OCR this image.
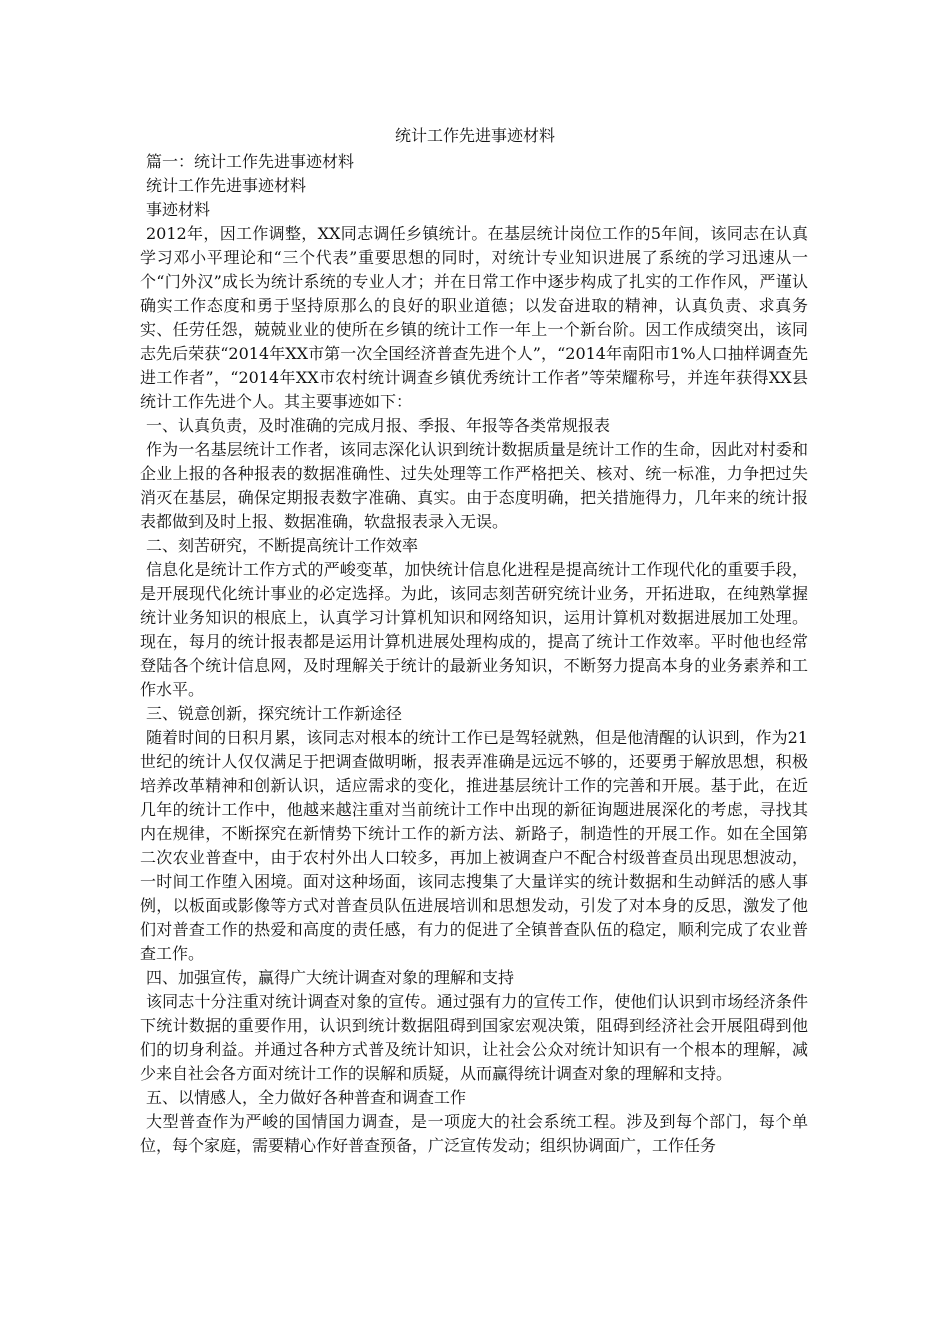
统计工作先进事迹材料
篇一：统计工作先进事迹材料
统计工作先进事迹材料
事迹材料

2012年，因工作调整，XX同志调任乡镇统计。在基层统计岗位工作的5年间，该同志在认真学习邓小平理论和“三个代表”重要思想的同时，对统计专业知识进展了系统的学习迅速从一个“门外汉”成长为统计系统的专业人才；并在日常工作中逐步构成了扎实的工作作风，严谨认确实工作态度和勇于坚持原那么的良好的职业道德；以发奋进取的精神，认真负责、求真务实、任劳任怨，兢兢业业的使所在乡镇的统计工作一年上一个新台阶。因工作成绩突出，该同志先后荣获“2014年XX市第一次全国经济普查先进个人”，“2014年南阳市1%人口抽样调查先进工作者”，“2014年XX市农村统计调查乡镇优秀统计工作者”等荣耀称号，并连年获得XX县统计工作先进个人。其主要事迹如下：

一、认真负责，及时准确的完成月报、季报、年报等各类常规报表

作为一名基层统计工作者，该同志深化认识到统计数据质量是统计工作的生命，因此对村委和企业上报的各种报表的数据准确性、过失处理等工作严格把关、核对、统一标准，力争把过失消灭在基层，确保定期报表数字准确、真实。由于态度明确，把关措施得力，几年来的统计报表都做到及时上报、数据准确，软盘报表录入无误。

二、刻苦研究，不断提高统计工作效率

信息化是统计工作方式的严峻变革，加快统计信息化进程是提高统计工作现代化的重要手段，是开展现代化统计事业的必定选择。为此，该同志刻苦研究统计业务，开拓进取，在纯熟掌握统计业务知识的根底上，认真学习计算机知识和网络知识，运用计算机对数据进展加工处理。现在，每月的统计报表都是运用计算机进展处理构成的，提高了统计工作效率。平时他也经常登陆各个统计信息网，及时理解关于统计的最新业务知识，不断努力提高本身的业务素养和工作水平。

三、锐意创新，探究统计工作新途径

随着时间的日积月累，该同志对根本的统计工作已是驾轻就熟，但是他清醒的认识到，作为21世纪的统计人仅仅满足于把调查做明晰，报表弄准确是远远不够的，还要勇于解放思想，积极培养改革精神和创新认识，适应需求的变化，推进基层统计工作的完善和开展。基于此，在近几年的统计工作中，他越来越注重对当前统计工作中出现的新征询题进展深化的考虑，寻找其内在规律，不断探究在新情势下统计工作的新方法、新路子，制造性的开展工作。如在全国第二次农业普查中，由于农村外出人口较多，再加上被调查户不配合村级普查员出现思想波动，一时间工作堕入困境。面对这种场面，该同志搜集了大量详实的统计数据和生动鲜活的感人事例，以板面或影像等方式对普查员队伍进展培训和思想发动，引发了对本身的反思，激发了他们对普查工作的热爱和高度的责任感，有力的促进了全镇普查队伍的稳定，顺利完成了农业普查工作。

四、加强宣传，赢得广大统计调查对象的理解和支持

该同志十分注重对统计调查对象的宣传。通过强有力的宣传工作，使他们认识到市场经济条件下统计数据的重要作用，认识到统计数据阻碍到国家宏观决策，阻碍到经济社会开展阻碍到他们的切身利益。并通过各种方式普及统计知识，让社会公众对统计知识有一个根本的理解，减少来自社会各方面对统计工作的误解和质疑，从而赢得统计调查对象的理解和支持。

五、以情感人，全力做好各种普查和调查工作

大型普查作为严峻的国情国力调查，是一项庞大的社会系统工程。涉及到每个部门，每个单位，每个家庭，需要精心作好普查预备，广泛宣传发动；组织协调面广，工作任务
